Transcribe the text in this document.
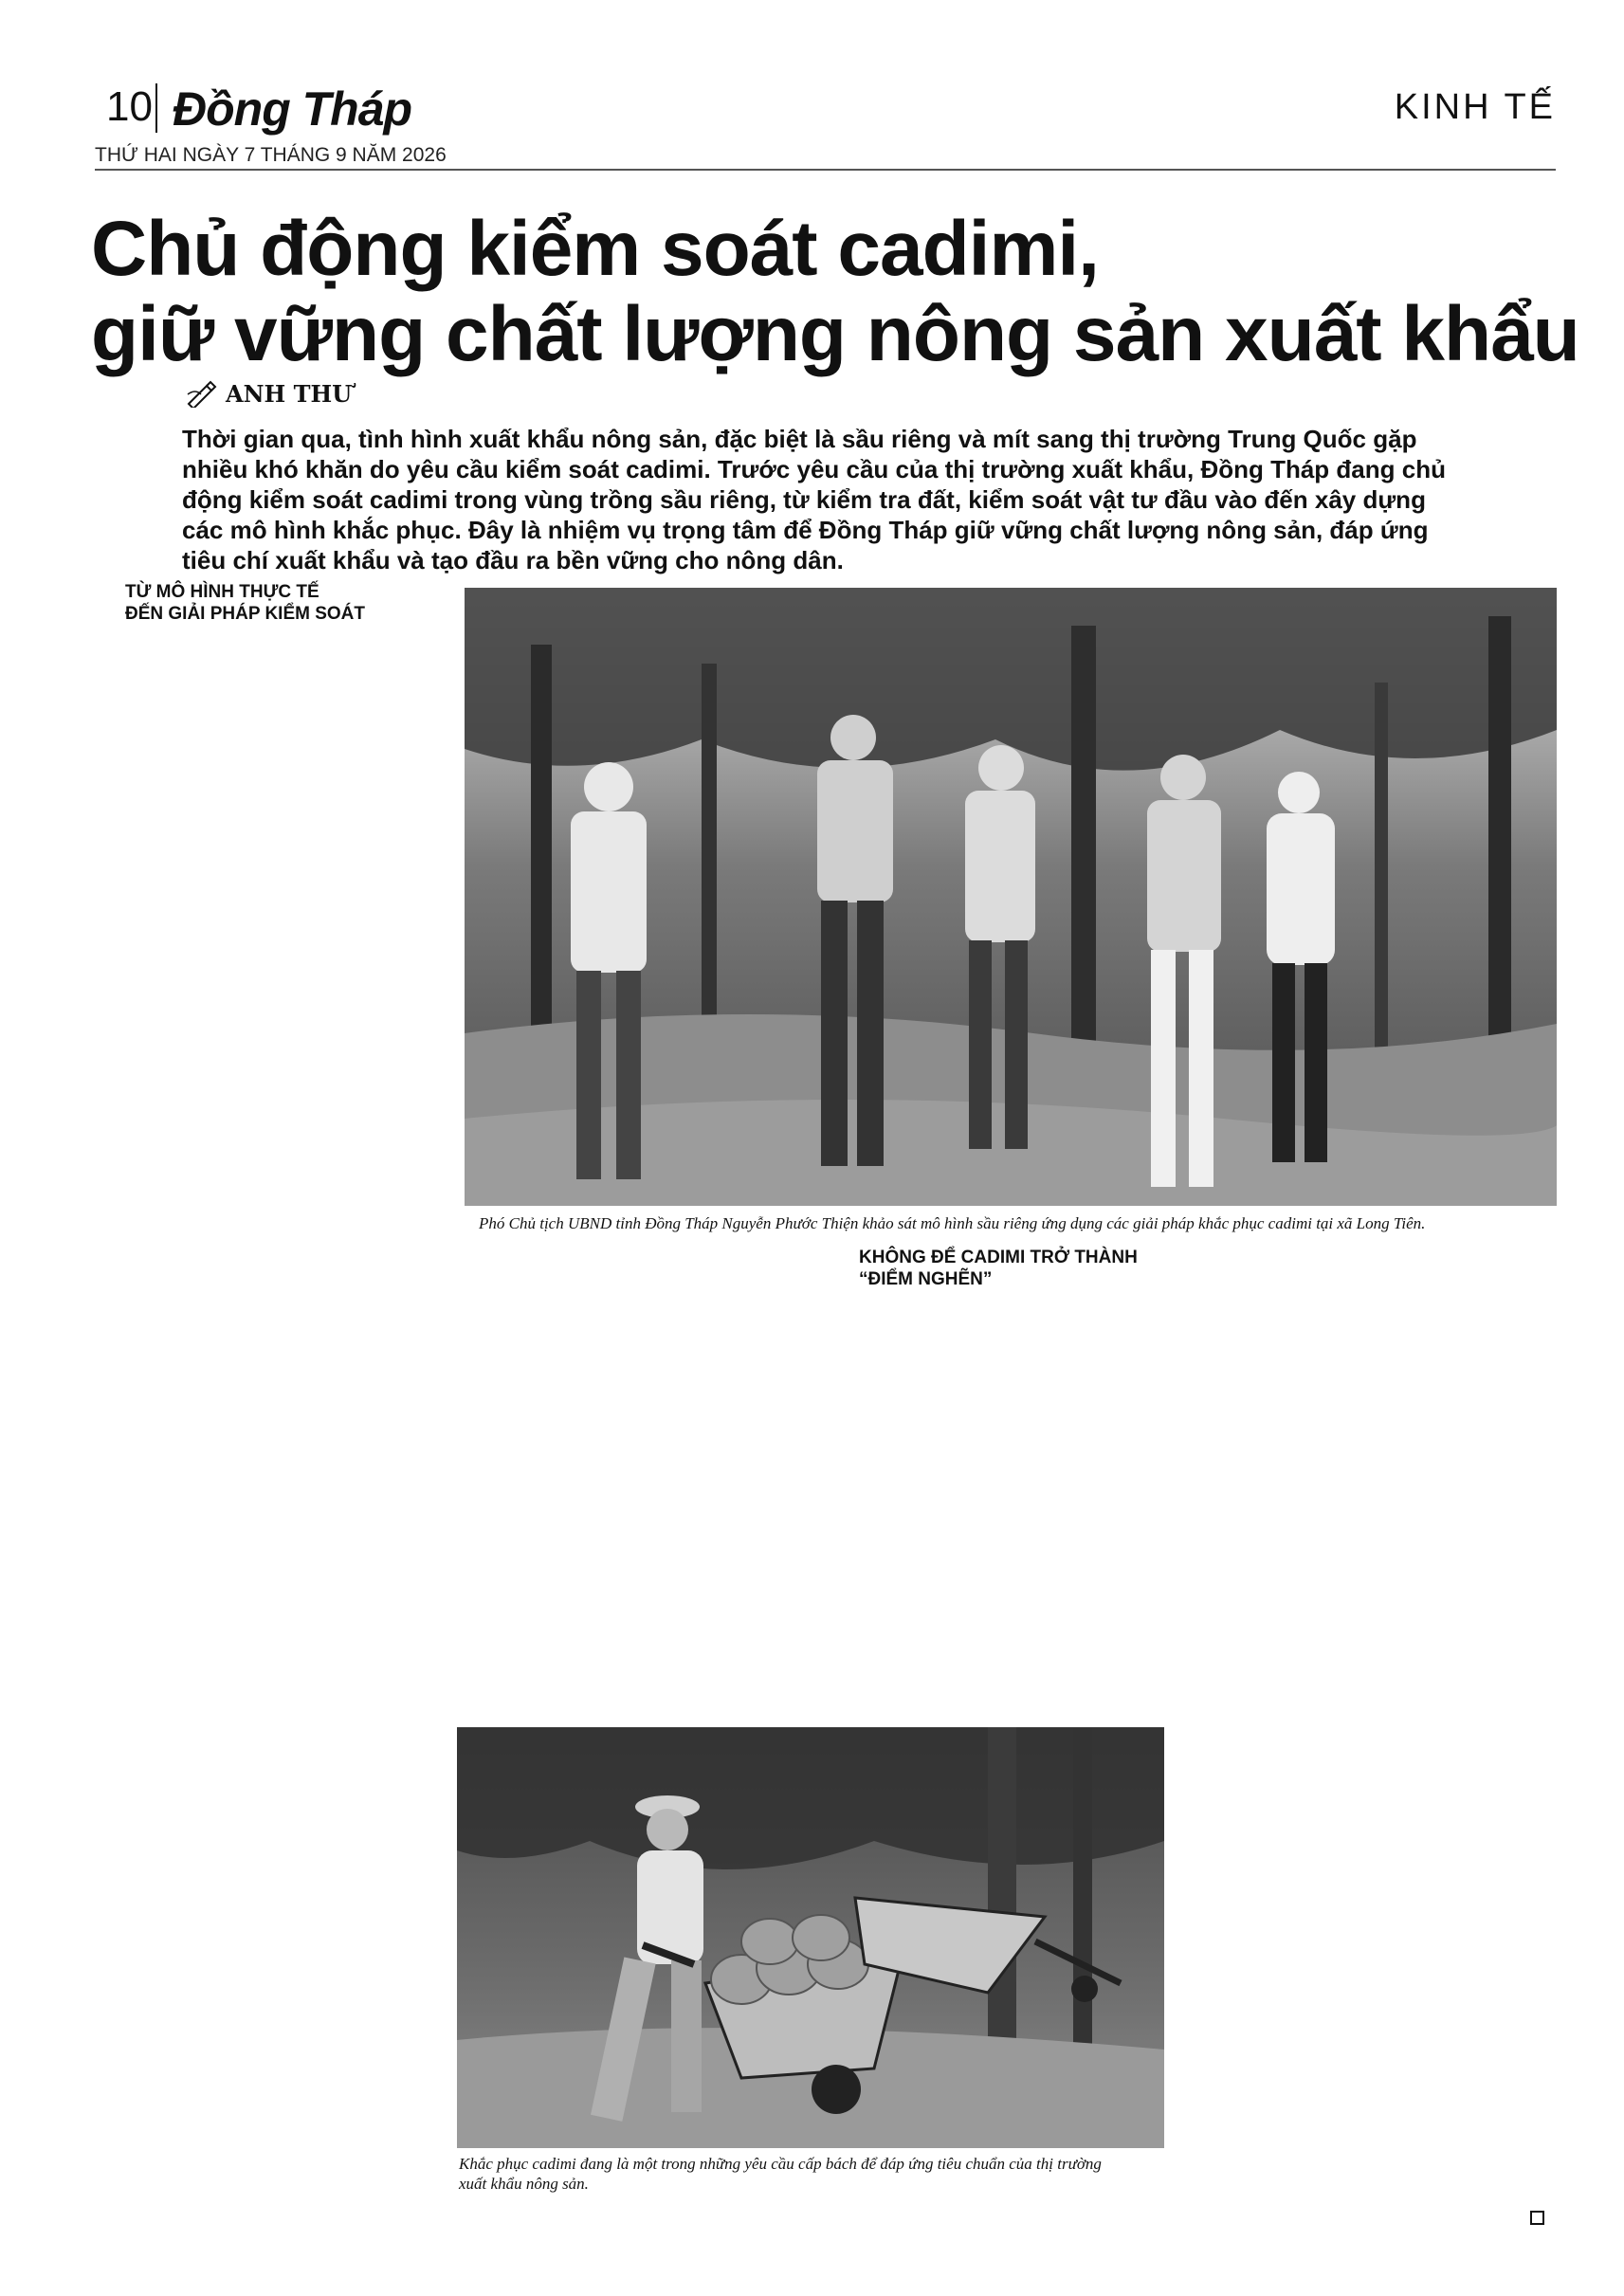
10 Đồng Tháp	KINH TẾ
THỨ HAI NGÀY 7 THÁNG 9 NĂM 2026
Chủ động kiểm soát cadimi,
giữ vững chất lượng nông sản xuất khẩu
ANH THƯ
Thời gian qua, tình hình xuất khẩu nông sản, đặc biệt là sầu riêng và mít sang thị trường Trung Quốc gặp
nhiều khó khăn do yêu cầu kiểm soát cadimi. Trước yêu cầu của thị trường xuất khẩu, Đồng Tháp đang chủ
động kiểm soát cadimi trong vùng trồng sầu riêng, từ kiểm tra đất, kiểm soát vật tư đầu vào đến xây dựng
các mô hình khắc phục. Đây là nhiệm vụ trọng tâm để Đồng Tháp giữ vững chất lượng nông sản, đáp ứng
tiêu chí xuất khẩu và tạo đầu ra bền vững cho nông dân.
TỪ MÔ HÌNH THỰC TẾ
ĐẾN GIẢI PHÁP KIỂM SOÁT
Phó Chủ tịch UBND tỉnh Đồng Tháp Nguyễn Phước Thiện khảo sát mô hình sầu riêng ứng dụng các giải pháp khắc phục cadimi tại xã Long Tiên.
KHÔNG ĐỂ CADIMI TRỞ THÀNH
“ĐIỂM NGHẼN”
Khắc phục cadimi đang là một trong những yêu cầu cấp bách để đáp ứng tiêu chuẩn của thị trường
xuất khẩu nông sản.
